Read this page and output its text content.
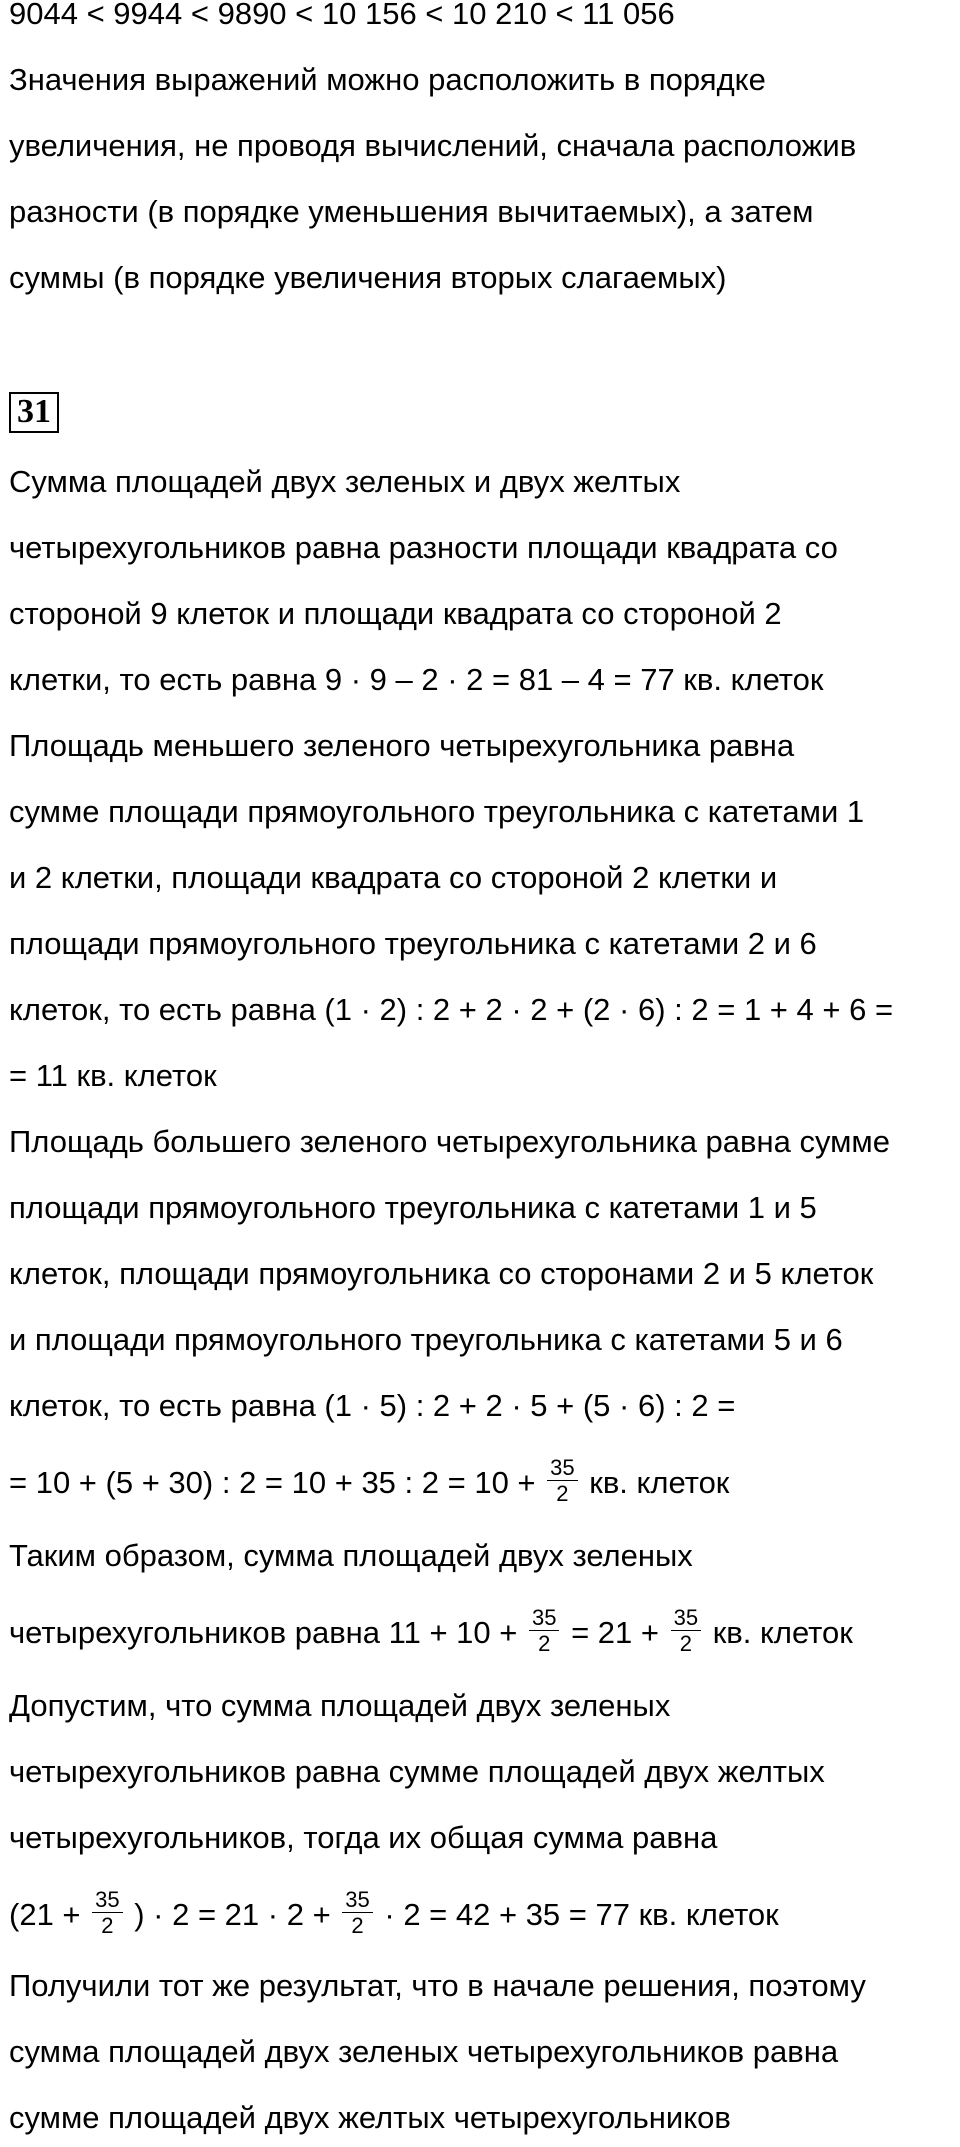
9044 < 9944 < 9890 < 10 156 < 10 210 < 11 056
Значения выражений можно расположить в порядке
увеличения, не проводя вычислений, сначала расположив
разности (в порядке уменьшения вычитаемых), а затем
суммы (в порядке увеличения вторых слагаемых)
31
Сумма площадей двух зеленых и двух желтых
четырехугольников равна разности площади квадрата со
стороной 9 клеток и площади квадрата со стороной 2
клетки, то есть равна 9 · 9 – 2 · 2 = 81 – 4 = 77 кв. клеток
Площадь меньшего зеленого четырехугольника равна
сумме площади прямоугольного треугольника с катетами 1
и 2 клетки, площади квадрата со стороной 2 клетки и
площади прямоугольного треугольника с катетами 2 и 6
клеток, то есть равна (1 · 2) : 2 + 2 · 2 + (2 · 6) : 2 = 1 + 4 + 6 =
= 11 кв. клеток
Площадь большего зеленого четырехугольника равна сумме
площади прямоугольного треугольника с катетами 1 и 5
клеток, площади прямоугольника со сторонами 2 и 5 клеток
и площади прямоугольного треугольника с катетами 5 и 6
клеток, то есть равна (1 · 5) : 2 + 2 · 5 + (5 · 6) : 2 =
= 10 + (5 + 30) : 2 = 10 + 35 : $2 = 10 + \frac{35}{2}$ кв. клеток
Таким образом, сумма площадей двух зеленых
четырехугольников равна $11 + 10 + \frac{35}{2} = 21 + \frac{35}{2}$ кв. клеток
Допустим, что сумма площадей двух зеленых
четырехугольников равна сумме площадей двух желтых
четырехугольников, тогда их общая сумма равна
($21 + \frac{35}{2}$ ) · $2 = 21 \cdot 2 + \frac{35}{2} \cdot 2 = 42 + 35 = 77$ кв. клеток
Получили тот же результат, что в начале решения, поэтому
сумма площадей двух зеленых четырехугольников равна
сумме площадей двух желтых четырехугольников
